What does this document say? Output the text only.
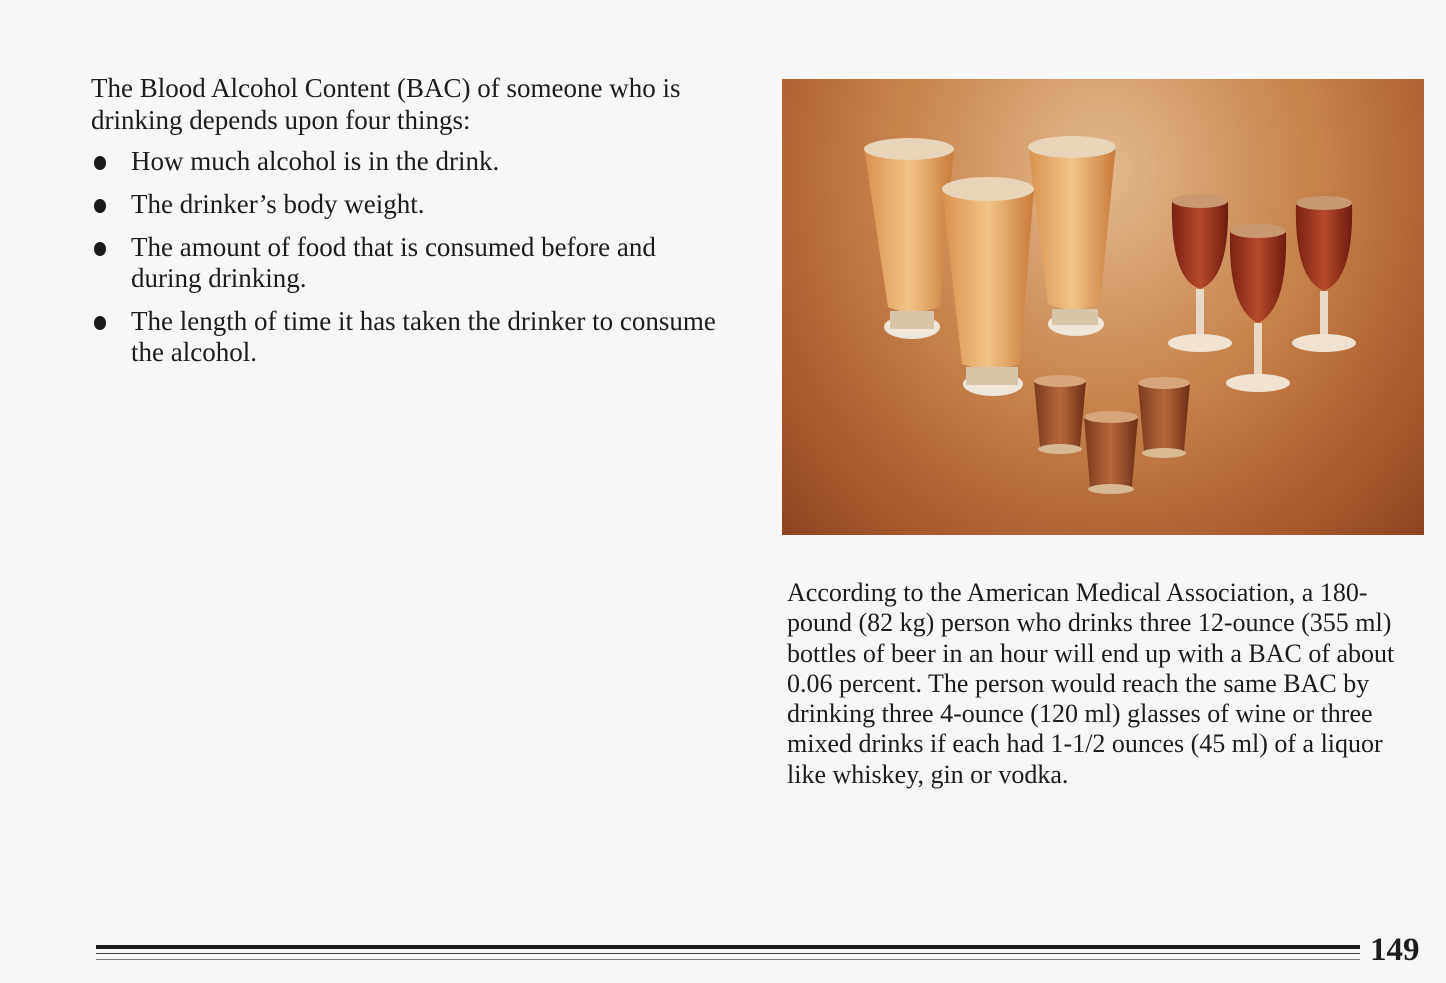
The Blood Alcohol Content (BAC) of someone who is drinking depends upon four things:

How much alcohol is in the drink.
The drinker’s body weight.
The amount of food that is consumed before and during drinking.
The length of time it has taken the drinker to consume the alcohol.

According to the American Medical Association, a 180-pound (82 kg) person who drinks three 12-ounce (355 ml) bottles of beer in an hour will end up with a BAC of about 0.06 percent. The person would reach the same BAC by drinking three 4-ounce (120 ml) glasses of wine or three mixed drinks if each had 1-1/2 ounces (45 ml) of a liquor like whiskey, gin or vodka.

149
